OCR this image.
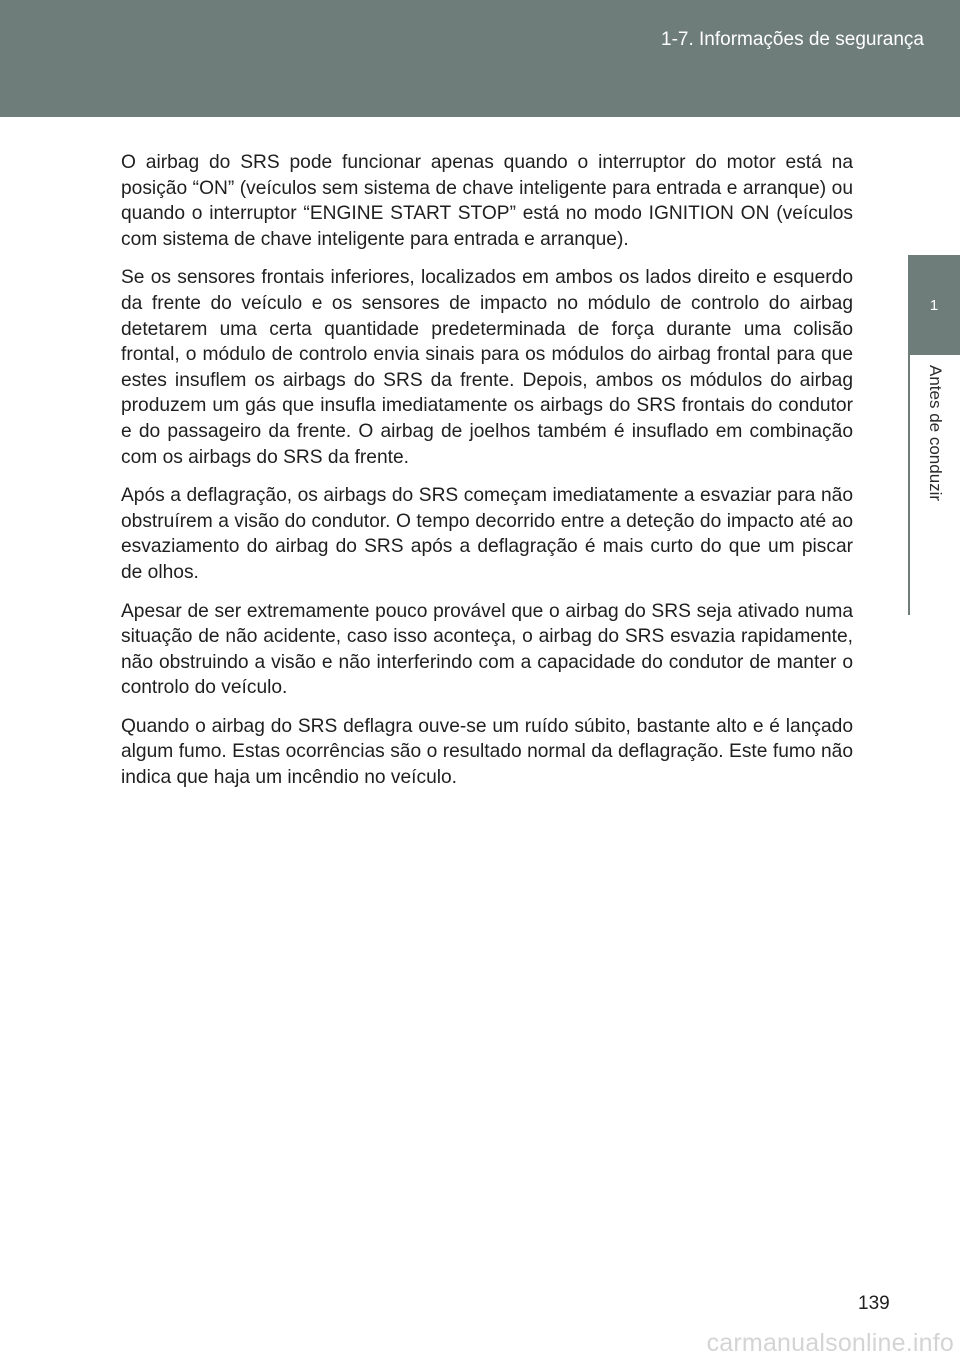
1-7. Informações de segurança
1
Antes de conduzir

O airbag do SRS pode funcionar apenas quando o interruptor do motor está na posição “ON” (veículos sem sistema de chave inteligente para entrada e arranque) ou quando o interruptor “ENGINE START STOP” está no modo IGNITION ON (veículos com sistema de chave inteligente para entrada e arranque).

Se os sensores frontais inferiores, localizados em ambos os lados direito e esquerdo da frente do veículo e os sensores de impacto no módulo de controlo do airbag detetarem uma certa quantidade predeterminada de força durante uma colisão frontal, o módulo de controlo envia sinais para os módulos do airbag frontal para que estes insuflem os airbags do SRS da frente. Depois, ambos os módulos do airbag produzem um gás que insufla imediatamente os airbags do SRS frontais do condutor e do passageiro da frente. O airbag de joelhos também é insuflado em combinação com os airbags do SRS da frente.

Após a deflagração, os airbags do SRS começam imediatamente a esvaziar para não obstruírem a visão do condutor. O tempo decorrido entre a deteção do impacto até ao esvaziamento do airbag do SRS após a deflagração é mais curto do que um piscar de olhos.

Apesar de ser extremamente pouco provável que o airbag do SRS seja ativado numa situação de não acidente, caso isso aconteça, o airbag do SRS esvazia rapidamente, não obstruindo a visão e não interferindo com a capacidade do condutor de manter o controlo do veículo.

Quando o airbag do SRS deflagra ouve-se um ruído súbito, bastante alto e é lançado algum fumo. Estas ocorrências são o resultado normal da deflagração. Este fumo não indica que haja um incêndio no veículo.

139
carmanualsonline.info
